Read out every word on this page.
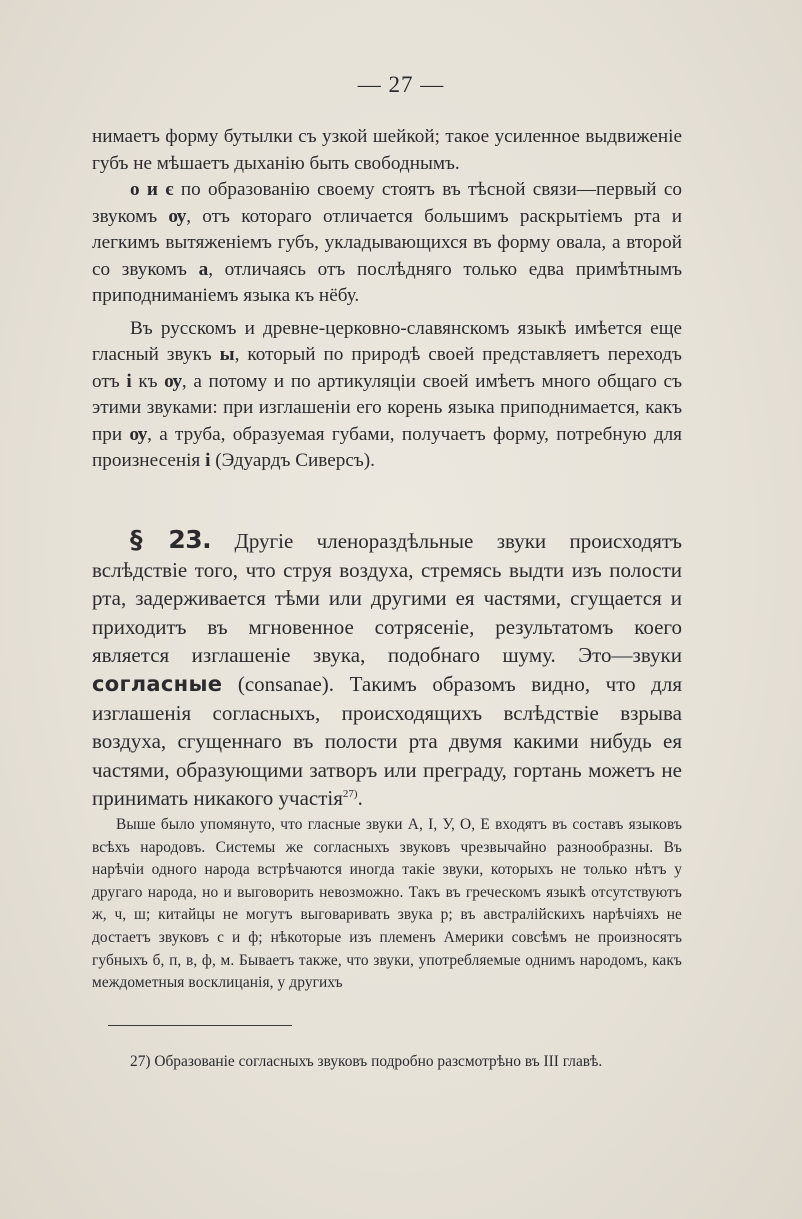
— 27 —

нимаетъ форму бутылки съ узкой шейкой; такое усиленное выдвиженiе губъ не мѣшаетъ дыханiю быть свободнымъ.

о и є по образованiю своему стоятъ въ тѣсной связи—первый со звукомъ ѹ, отъ котораго отличается большимъ раскрытiемъ рта и легкимъ вытяженiемъ губъ, укладывающихся въ форму овала, а второй со звукомъ а, отличаясь отъ послѣдняго только едва примѣтнымъ приподниманiемъ языка къ нёбу.

Въ русскомъ и древне-церковно-славянскомъ языкѣ имѣется еще гласный звукъ ы, который по природѣ своей представляетъ переходъ отъ і къ ѹ, а потому и по артикуляцiи своей имѣетъ много общаго съ этими звуками: при изглашенiи его корень языка приподнимается, какъ при ѹ, а труба, образуемая губами, получаетъ форму, потребную для произнесенiя і (Эдуардъ Сиверсъ).

§ 23. Другiе членораздѣльные звуки происходятъ вслѣдствiе того, что струя воздуха, стремясь выдти изъ полости рта, задерживается тѣми или другими ея частями, сгущается и приходитъ въ мгновенное сотрясенiе, результатомъ коего является изглашенiе звука, подобнаго шуму. Это—звуки согласные (consanae). Такимъ образомъ видно, что для изглашенiя согласныхъ, происходящихъ вслѣдствiе взрыва воздуха, сгущеннаго въ полости рта двумя какими нибудь ея частями, образующими затворъ или преграду, гортань можетъ не принимать никакого участiя$^{27)}$.

Выше было упомянуто, что гласные звуки А, I, У, О, Е входятъ въ составъ языковъ всѣхъ народовъ. Системы же согласныхъ звуковъ чрезвычайно разнообразны. Въ нарѣчiи одного народа встрѣчаются иногда такiе звуки, которыхъ не только нѣтъ у другаго народа, но и выговорить невозможно. Такъ въ греческомъ языкѣ отсутствуютъ ж, ч, ш; китайцы не могутъ выговаривать звука р; въ австралiйскихъ нарѣчiяхъ не достаетъ звуковъ с и ф; нѣкоторые изъ племенъ Америки совсѣмъ не произносятъ губныхъ б, п, в, ф, м. Бываетъ также, что звуки, употребляемые однимъ народомъ, какъ междометныя восклицанiя, у другихъ

27) Образованiе согласныхъ звуковъ подробно разсмотрѣно въ III главѣ.
